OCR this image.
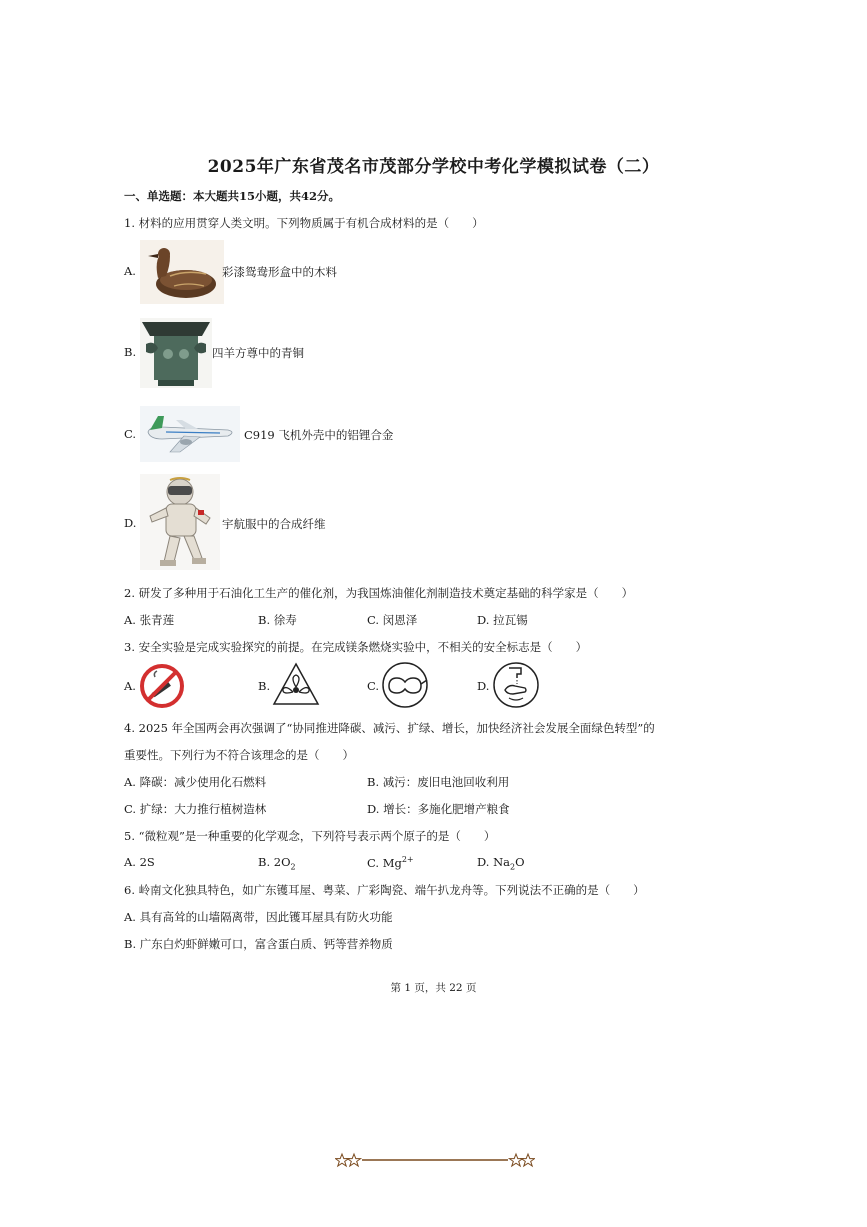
2025年广东省茂名市茂部分学校中考化学模拟试卷（二）
一、单选题：本大题共15小题，共42分。
1. 材料的应用贯穿人类文明。下列物质属于有机合成材料的是（　　）
A.	彩漆鸳鸯形盒中的木料
B.	四羊方尊中的青铜
C.	C919 飞机外壳中的铝锂合金
D.	宇航服中的合成纤维
2. 研发了多种用于石油化工生产的催化剂，为我国炼油催化剂制造技术奠定基础的科学家是（　　）
A. 张青莲	B. 徐寿	C. 闵恩泽	D. 拉瓦锡
3. 安全实验是完成实验探究的前提。在完成镁条燃烧实验中，不相关的安全标志是（　　）
A.	B.	C.	D.
4. 2025 年全国两会再次强调了“协同推进降碳、减污、扩绿、增长，加快经济社会发展全面绿色转型”的
重要性。下列行为不符合该理念的是（　　）
A. 降碳：减少使用化石燃料	B. 减污：废旧电池回收利用
C. 扩绿：大力推行植树造林	D. 增长：多施化肥增产粮食
5. “微粒观”是一种重要的化学观念，下列符号表示两个原子的是（　　）
A. 2S	B. $2O_2$	C. $Mg^{2+}$	D. $Na_2O$
6. 岭南文化独具特色，如广东镬耳屋、粤菜、广彩陶瓷、端午扒龙舟等。下列说法不正确的是（　　）
A. 具有高耸的山墙隔离带，因此镬耳屋具有防火功能
B. 广东白灼虾鲜嫩可口，富含蛋白质、钙等营养物质
第 1 页，共 22 页
